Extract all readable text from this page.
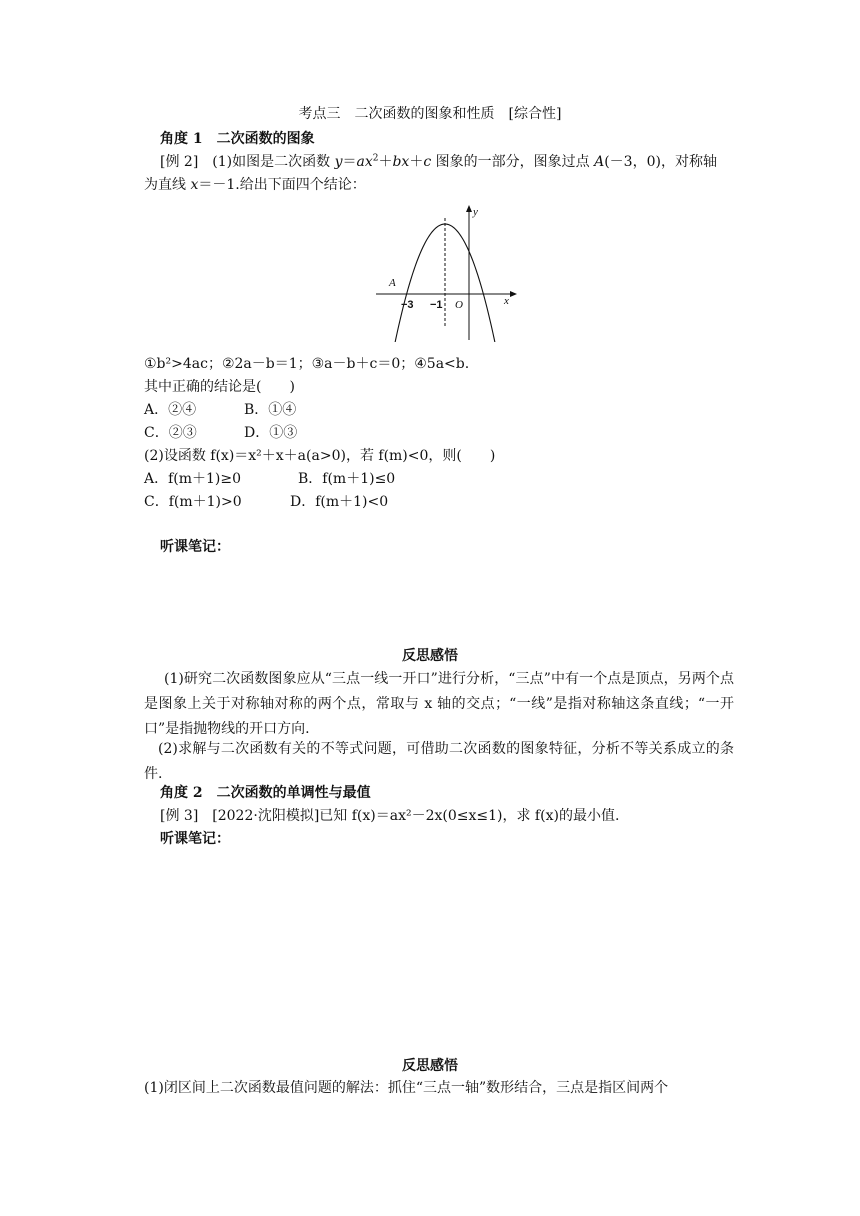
考点三　二次函数的图象和性质　[综合性]
角度 1　二次函数的图象
[例 2]  (1)如图是二次函数 $y=ax^2+bx+c$ 图象的一部分，图象过点 A(－3，0)，对称轴
为直线 x＝－1.给出下面四个结论：
y
x
A
−3 −1 O
①b²>4ac；②2a－b＝1；③a－b＋c＝0；④5a<b.
其中正确的结论是(　　)
A．②④	B．①④
C．②③	D．①③
(2)设函数 f(x)＝x²＋x＋a(a>0)，若 f(m)<0，则(　　)
A．f(m＋1)≥0	B．f(m＋1)≤0
C．f(m＋1)>0	D．f(m＋1)<0
听课笔记：
反思感悟
(1)研究二次函数图象应从“三点一线一开口”进行分析，“三点”中有一个点是顶点，另两个点是图象上关于对称轴对称的两个点，常取与 x 轴的交点；“一线”是指对称轴这条直线；“一开口”是指抛物线的开口方向.
(2)求解与二次函数有关的不等式问题，可借助二次函数的图象特征，分析不等关系成立的条件.
角度 2　二次函数的单调性与最值
[例 3]　[2022·沈阳模拟]已知 f(x)＝ax²－2x(0≤x≤1)，求 f(x)的最小值.
听课笔记：
反思感悟
(1)闭区间上二次函数最值问题的解法：抓住“三点一轴”数形结合，三点是指区间两个
